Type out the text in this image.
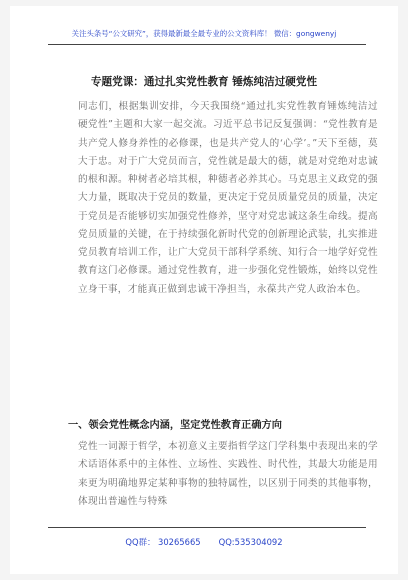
关注头条号“公文研究”，获得最新最全最专业的公文资料库！ 微信：gongwenyj
专题党课：通过扎实党性教育 锤炼纯洁过硬党性
同志们，根据集训安排，今天我围绕“通过扎实党性教育锤炼纯洁过硬党性”主题和大家一起交流。习近平总书记反复强调：“党性教育是共产党人修身养性的必修课，也是共产党人的‘心学’。”天下至德，莫大于忠。对于广大党员而言，党性就是最大的德，就是对党绝对忠诚的根和源。种树者必培其根，种德者必养其心。马克思主义政党的强大力量，既取决于党员的数量，更决定于党员质量党员的质量，决定于党员是否能够切实加强党性修养，坚守对党忠诚这条生命线。提高党员质量的关键，在于持续强化新时代党的创新理论武装，扎实推进党员教育培训工作，让广大党员干部科学系统、知行合一地学好党性教育这门必修课。通过党性教育，进一步强化党性锻炼，始终以党性立身干事，才能真正做到忠诚干净担当，永葆共产党人政治本色。
一、领会党性概念内涵，坚定党性教育正确方向
党性一词源于哲学，本初意义主要指哲学这门学科集中表现出来的学术话语体系中的主体性、立场性、实践性、时代性，其最大功能是用来更为明确地界定某种事物的独特属性，以区别于同类的其他事物，体现出普遍性与特殊
QQ群： 30265665 QQ:535304092
